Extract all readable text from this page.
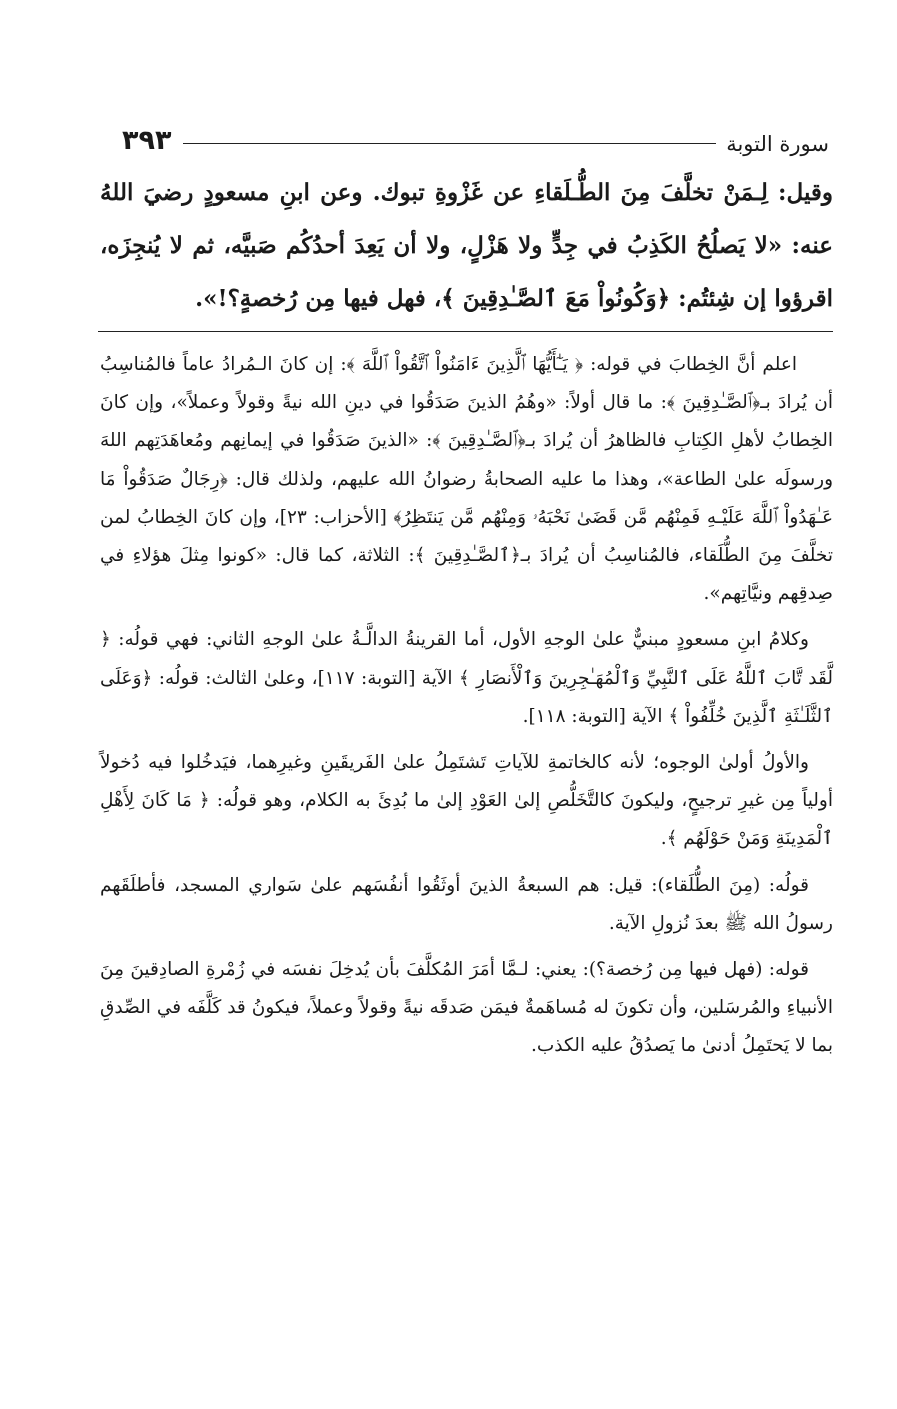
سورة التوبة
٣٩٣
وقيل: لِـمَنْ تخلَّفَ مِنَ الطُّـلَقاءِ عن غَزْوةِ تبوك. وعن ابنِ مسعودٍ رضيَ اللهُ عنه: «لا يَصلُحُ الكَذِبُ في جِدٍّ ولا هَزْلٍ، ولا أن يَعِدَ أحدُكُم صَبيَّه، ثم لا يُنجِزَه، اقرؤوا إن شِئتُم: ﴿وَكُونُواْ مَعَ ٱلصَّـٰدِقِينَ ﴾، فهل فيها مِن رُخصةٍ؟!».

اعلم أنَّ الخِطابَ في قوله: ﴿ يَـٰٓأَيُّهَا ٱلَّذِينَ ءَامَنُواْ ٱتَّقُواْ ٱللَّهَ ﴾: إن كانَ الـمُرادُ عاماً فالمُناسِبُ أن يُرادَ بـ﴿ٱلصَّـٰدِقِينَ ﴾: ما قال أولاً: «وهُمُ الذينَ صَدَقُوا في دينِ الله نيةً وقولاً وعملاً»، وإن كانَ الخِطابُ لأهلِ الكِتابِ فالظاهرُ أن يُرادَ بـ﴿ٱلصَّـٰدِقِينَ ﴾: «الذينَ صَدَقُوا في إيمانِهم ومُعاهَدَتِهم اللهَ ورسولَه علىٰ الطاعة»، وهذا ما عليه الصحابةُ رضوانُ الله عليهم، ولذلك قال: ﴿رِجَالٌ صَدَقُواْ مَا عَـٰهَدُواْ ٱللَّهَ عَلَيْـهِ فَمِنْهُم مَّن قَضَىٰ نَحْبَهُۥ وَمِنْهُم مَّن يَنتَظِرُ﴾ [الأحزاب: ٢٣]، وإن كانَ الخِطابُ لمن تخلَّفَ مِنَ الطُّلَقاء، فالمُناسِبُ أن يُرادَ بـ﴿ٱلصَّـٰدِقِينَ ﴾: الثلاثة، كما قال: «كونوا مِثلَ هؤلاءِ في صِدقِهم ونيَّاتِهم».

وكلامُ ابنِ مسعودٍ مبنيٌّ علىٰ الوجهِ الأول، أما القرينةُ الدالَّـةُ علىٰ الوجهِ الثاني: فهي قولُه: ﴿ لَّقَد تَّابَ ٱللَّهُ عَلَى ٱلنَّبِيِّ وَٱلْمُهَـٰجِرِينَ وَٱلْأَنصَارِ ﴾ الآية [التوبة: ١١٧]، وعلىٰ الثالث: قولُه: ﴿وَعَلَى ٱلثَّلَـٰثَةِ ٱلَّذِينَ خُلِّفُواْ ﴾ الآية [التوبة: ١١٨].

والأولُ أولىٰ الوجوه؛ لأنه كالخاتمةِ للآياتِ تَشتَمِلُ علىٰ الفَريقَينِ وغيرِهما، فيَدخُلوا فيه دُخولاً أولياً مِن غيرِ ترجيحٍ، وليكونَ كالتَّخَلُّصِ إلىٰ العَوْدِ إلىٰ ما بُدِئَ به الكلام، وهو قولُه: ﴿ مَا كَانَ لِأَهْلِ ٱلْمَدِينَةِ وَمَنْ حَوْلَهُم ﴾.

قولُه: (مِنَ الطُّلَقاء): قيل: هم السبعةُ الذينَ أوثَقُوا أنفُسَهم علىٰ سَواري المسجد، فأطلَقَهم رسولُ الله ﷺ بعدَ نُزولِ الآية.

قوله: (فهل فيها مِن رُخصة؟): يعني: لـمَّا أمَرَ المُكلَّفَ بأن يُدخِلَ نفسَه في زُمْرةِ الصادِقينَ مِنَ الأنبياءِ والمُرسَلين، وأن تكونَ له مُساهَمةٌ فيمَن صَدقَه نيةً وقولاً وعملاً، فيكونُ قد كَلَّفَه في الصِّدقِ بما لا يَحتَمِلُ أدنىٰ ما يَصدُقُ عليه الكذب.
